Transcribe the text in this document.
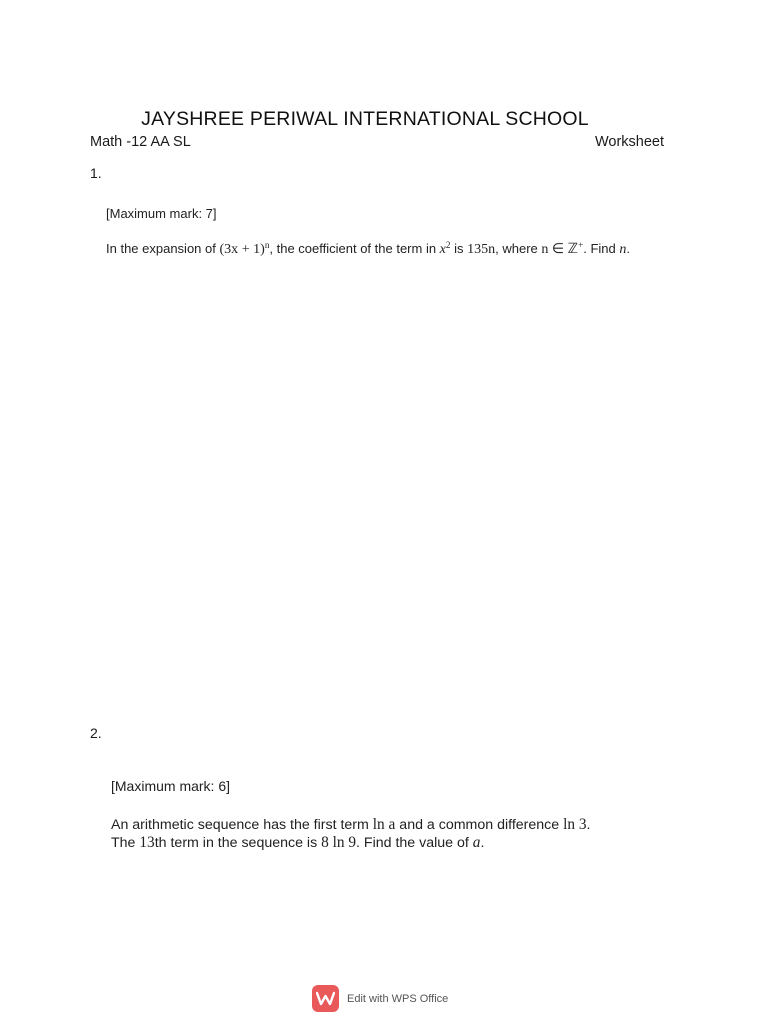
JAYSHREE PERIWAL INTERNATIONAL SCHOOL
Math -12 AA SL	Worksheet
1.
[Maximum mark: 7]
In the expansion of $(3x + 1)^n$, the coefficient of the term in $x^2$ is 135n, where n ∈ ℤ+. Find n.
2.
[Maximum mark: 6]
An arithmetic sequence has the first term ln a and a common difference ln 3.
The 13th term in the sequence is 8 ln 9. Find the value of a.
Edit with WPS Office
